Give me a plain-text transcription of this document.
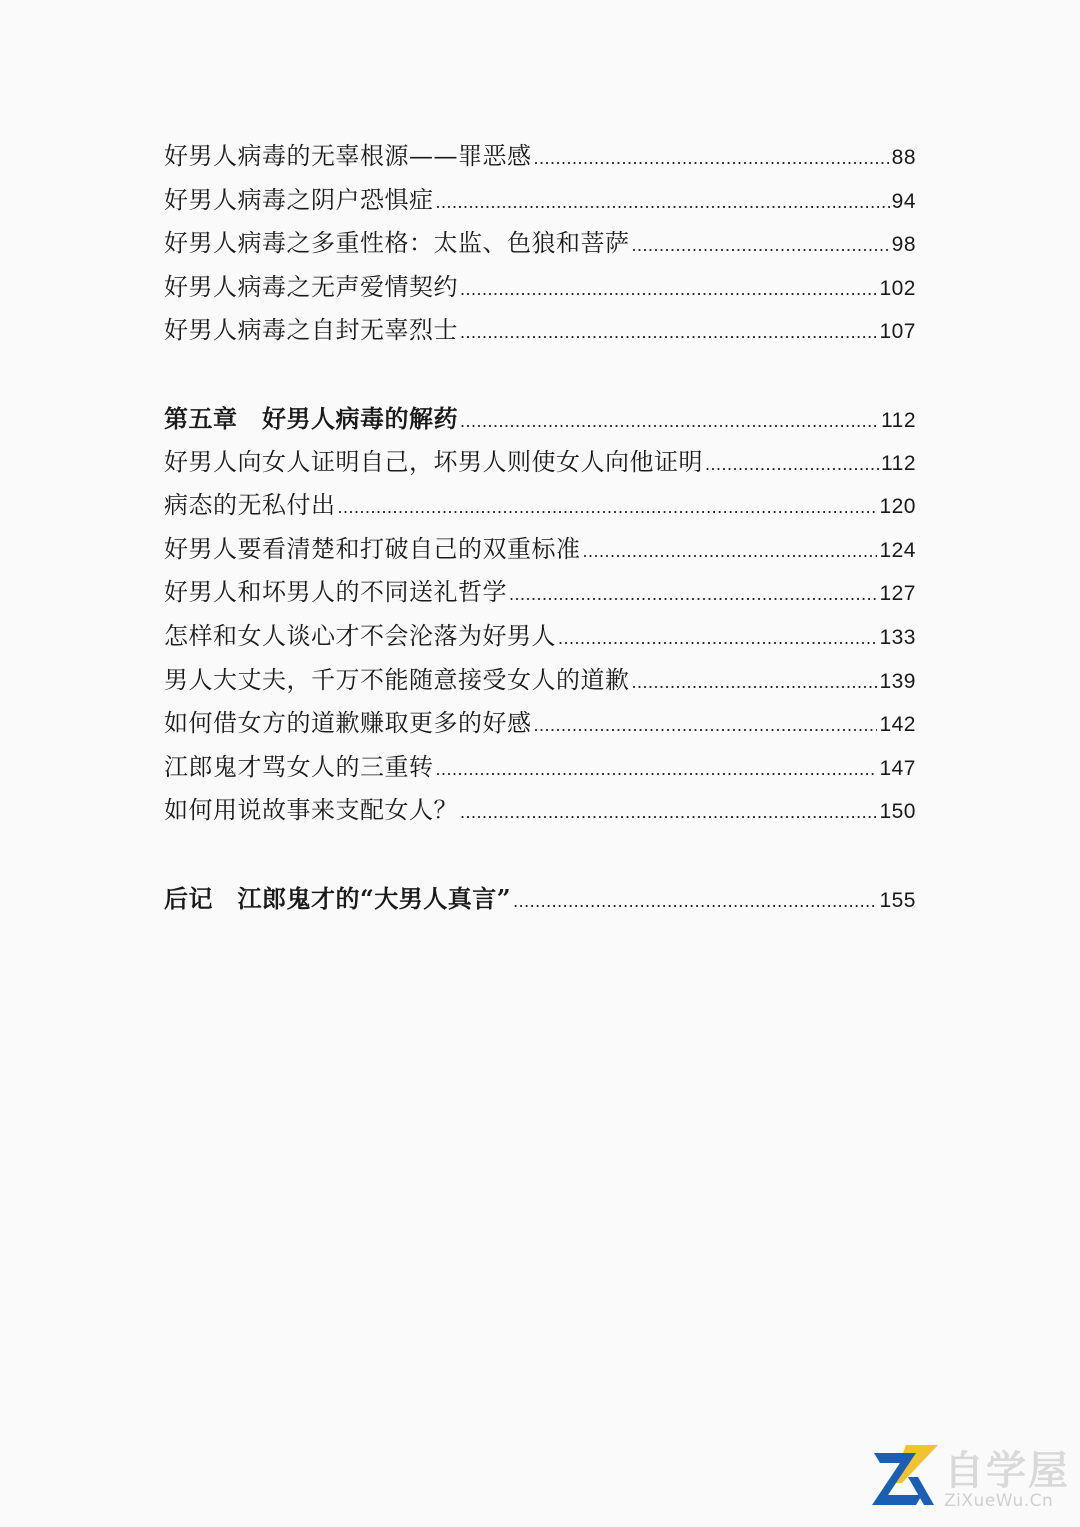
好男人病毒的无辜根源——罪恶感 .....	88
好男人病毒之阴户恐惧症 .....	94
好男人病毒之多重性格：太监、色狼和菩萨 .....	98
好男人病毒之无声爱情契约 .....	102
好男人病毒之自封无辜烈士 .....	107
第五章　好男人病毒的解药 .....	112
好男人向女人证明自己，坏男人则使女人向他证明 .....	112
病态的无私付出 .....	120
好男人要看清楚和打破自己的双重标准 .....	124
好男人和坏男人的不同送礼哲学 .....	127
怎样和女人谈心才不会沦落为好男人 .....	133
男人大丈夫，千万不能随意接受女人的道歉 .....	139
如何借女方的道歉赚取更多的好感 .....	142
江郎鬼才骂女人的三重转 .....	147
如何用说故事来支配女人？ .....	150
后记　江郎鬼才的“大男人真言” .....	155
自学屋
ZiXueWu.Cn
